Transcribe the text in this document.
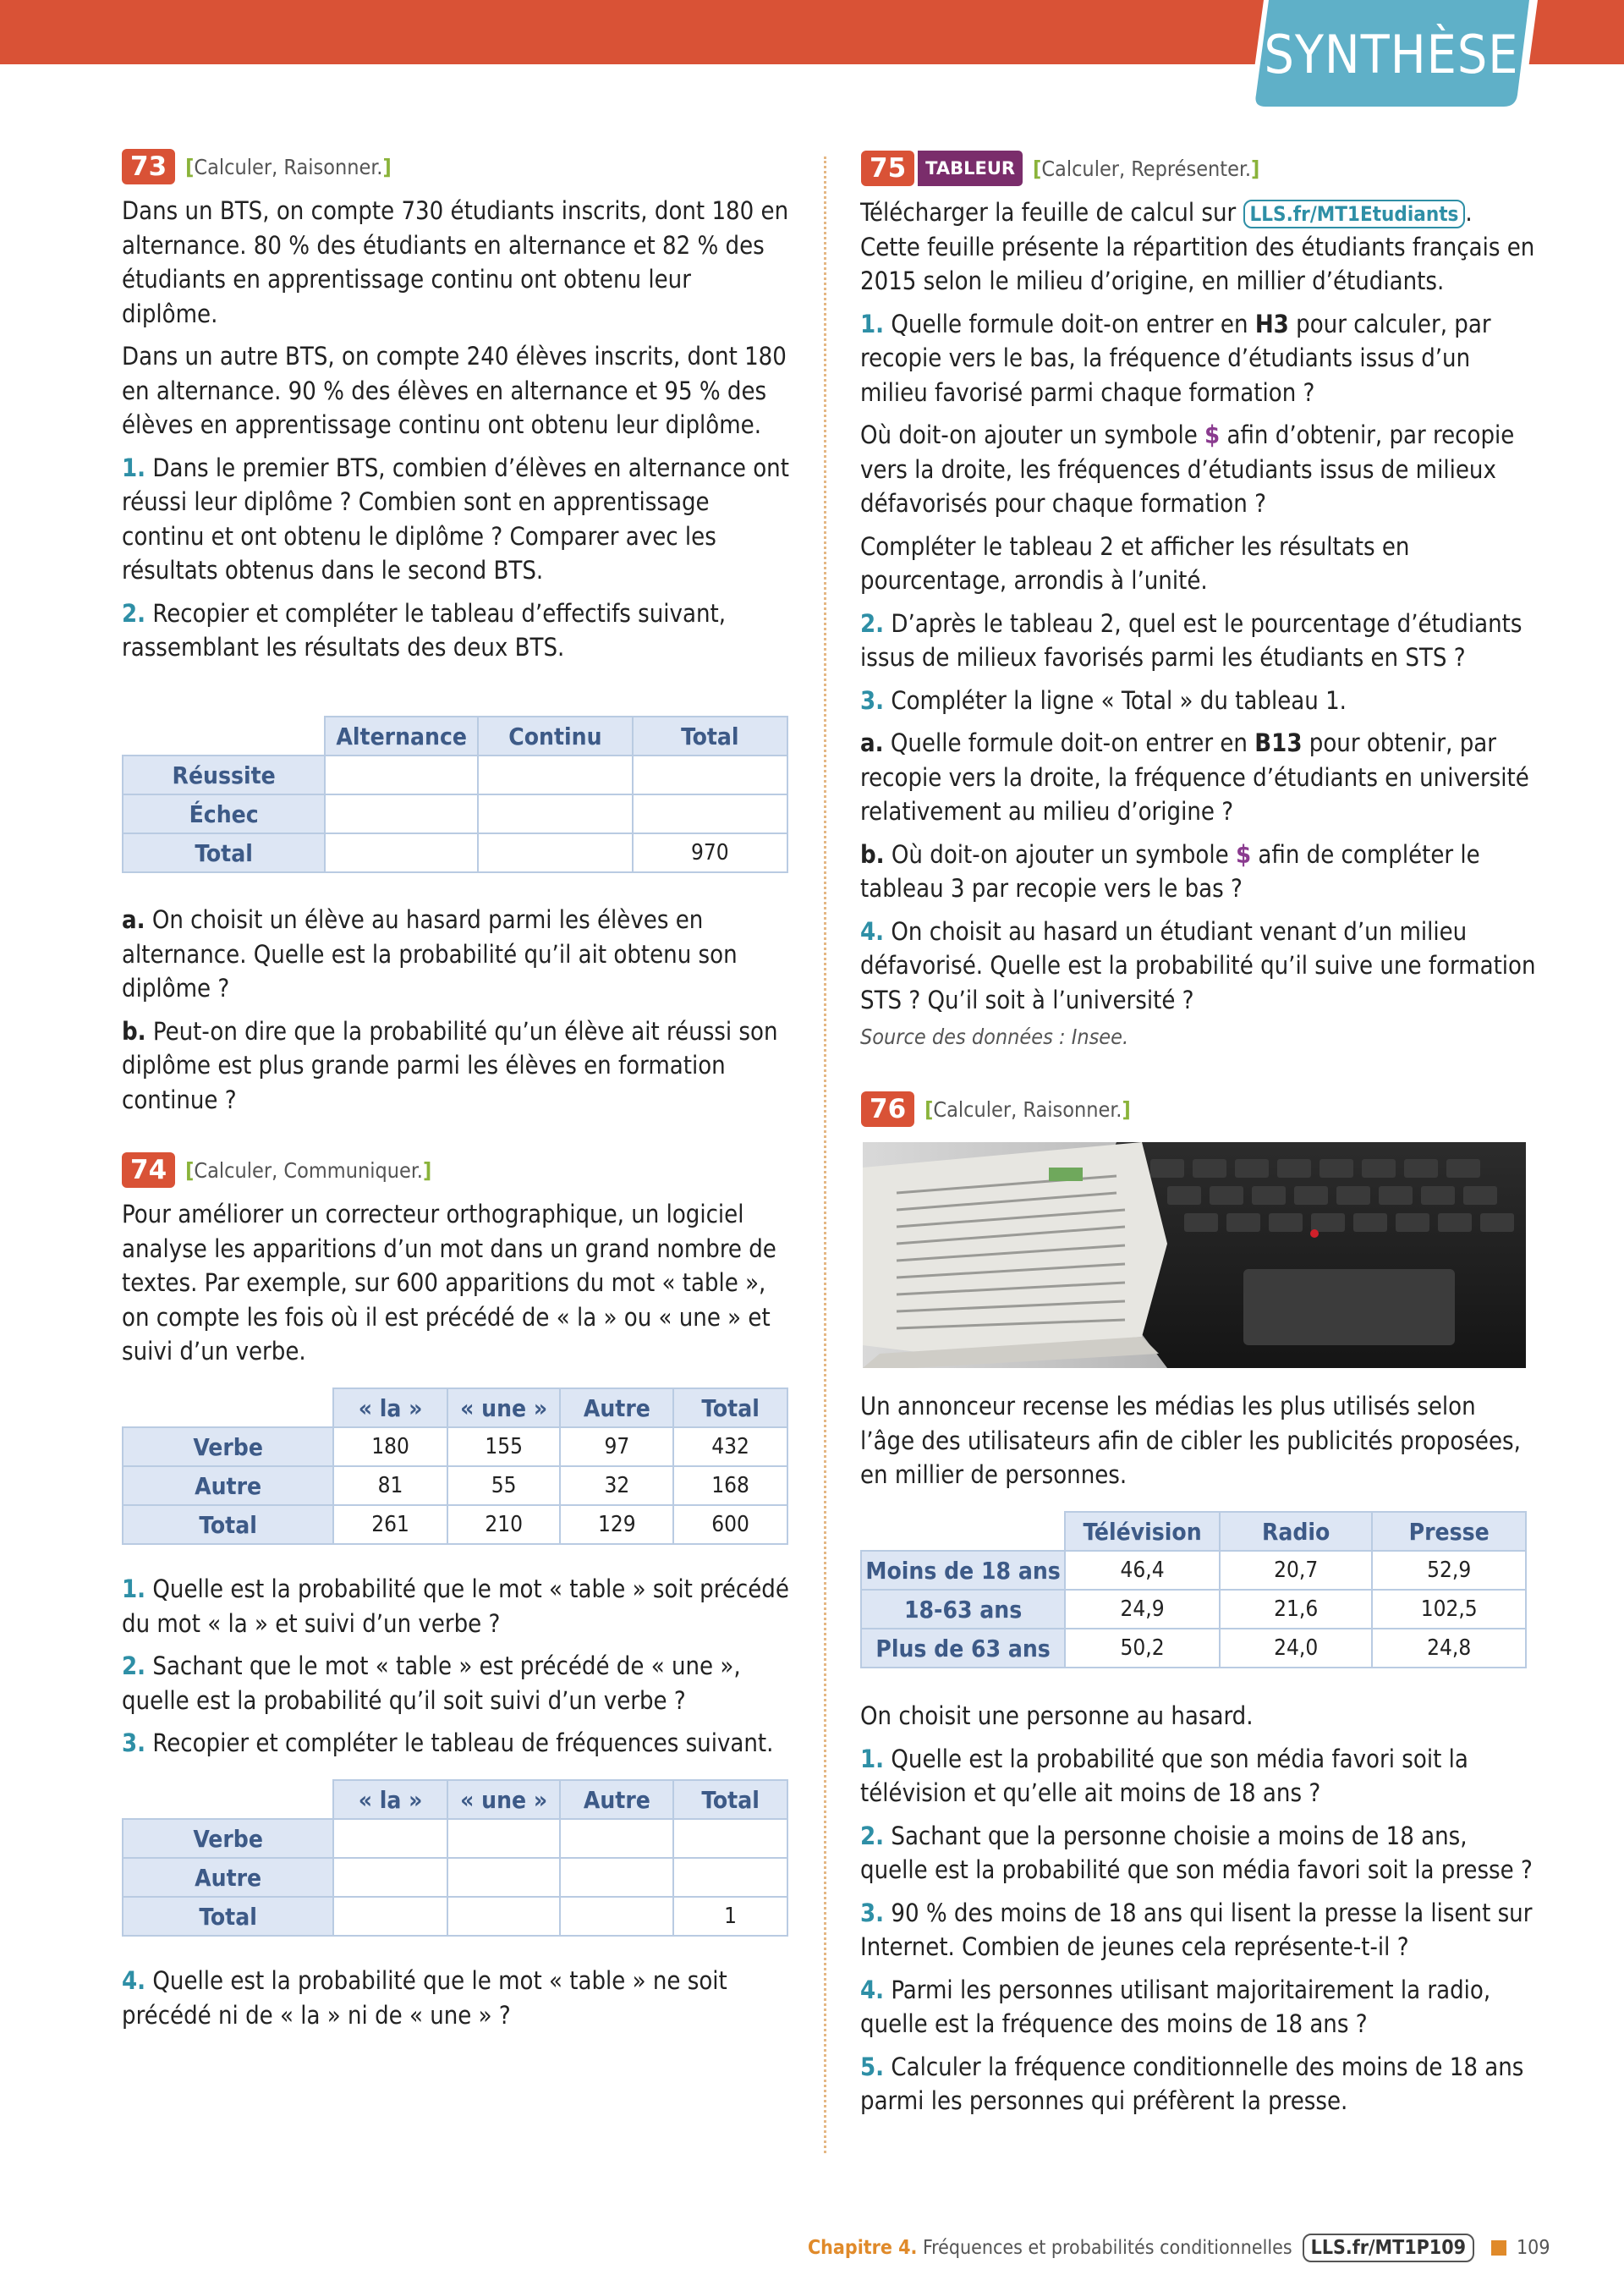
SYNTHÈSE
73 [Calculer, Raisonner.]

Dans un BTS, on compte 730 étudiants inscrits, dont 180 en alternance. 80 % des étudiants en alternance et 82 % des étudiants en apprentissage continu ont obtenu leur diplôme.

Dans un autre BTS, on compte 240 élèves inscrits, dont 180 en alternance. 90 % des élèves en alternance et 95 % des élèves en apprentissage continu ont obtenu leur diplôme.

1. Dans le premier BTS, combien d’élèves en alternance ont réussi leur diplôme ? Combien sont en apprentissage continu et ont obtenu le diplôme ? Comparer avec les résultats obtenus dans le second BTS.

2. Recopier et compléter le tableau d’effectifs suivant, rassemblant les résultats des deux BTS.

	Alternance	Continu	Total
Réussite			
Échec			
Total			970

a. On choisit un élève au hasard parmi les élèves en alternance. Quelle est la probabilité qu’il ait obtenu son diplôme ?

b. Peut-on dire que la probabilité qu’un élève ait réussi son diplôme est plus grande parmi les élèves en formation continue ?

74 [Calculer, Communiquer.]

Pour améliorer un correcteur orthographique, un logiciel analyse les apparitions d’un mot dans un grand nombre de textes. Par exemple, sur 600 apparitions du mot « table », on compte les fois où il est précédé de « la » ou « une » et suivi d’un verbe.

	« la »	« une »	Autre	Total
Verbe	180	155	97	432
Autre	81	55	32	168
Total	261	210	129	600

1. Quelle est la probabilité que le mot « table » soit précédé du mot « la » et suivi d’un verbe ?

2. Sachant que le mot « table » est précédé de « une », quelle est la probabilité qu’il soit suivi d’un verbe ?

3. Recopier et compléter le tableau de fréquences suivant.

	« la »	« une »	Autre	Total
Verbe				
Autre				
Total				1

4. Quelle est la probabilité que le mot « table » ne soit précédé ni de « la » ni de « une » ?

75	TABLEUR [Calculer, Représenter.]

Télécharger la feuille de calcul sur LLS.fr/MT1Etudiants . Cette feuille présente la répartition des étudiants français en 2015 selon le milieu d’origine, en millier d’étudiants.

1. Quelle formule doit-on entrer en H3 pour calculer, par recopie vers le bas, la fréquence d’étudiants issus d’un milieu favorisé parmi chaque formation ?

Où doit-on ajouter un symbole $ afin d’obtenir, par recopie vers la droite, les fréquences d’étudiants issus de milieux défavorisés pour chaque formation ?

Compléter le tableau 2 et afficher les résultats en pourcentage, arrondis à l’unité.

2. D’après le tableau 2, quel est le pourcentage d’étudiants issus de milieux favorisés parmi les étudiants en STS ?

3. Compléter la ligne « Total » du tableau 1.

a. Quelle formule doit-on entrer en B13 pour obtenir, par recopie vers la droite, la fréquence d’étudiants en université relativement au milieu d’origine ?

b. Où doit-on ajouter un symbole $ afin de compléter le tableau 3 par recopie vers le bas ?

4. On choisit au hasard un étudiant venant d’un milieu défavorisé. Quelle est la probabilité qu’il suive une formation STS ? Qu’il soit à l’université ?

Source des données : Insee.

76 [Calculer, Raisonner.]

Un annonceur recense les médias les plus utilisés selon l’âge des utilisateurs afin de cibler les publicités proposées, en millier de personnes.

	Télévision	Radio	Presse
Moins de 18 ans	46,4	20,7	52,9
18-63 ans	24,9	21,6	102,5
Plus de 63 ans	50,2	24,0	24,8

On choisit une personne au hasard.

1. Quelle est la probabilité que son média favori soit la télévision et qu’elle ait moins de 18 ans ?

2. Sachant que la personne choisie a moins de 18 ans, quelle est la probabilité que son média favori soit la presse ?

3. 90 % des moins de 18 ans qui lisent la presse la lisent sur Internet. Combien de jeunes cela représente-t-il ?

4. Parmi les personnes utilisant majoritairement la radio, quelle est la fréquence des moins de 18 ans ?

5. Calculer la fréquence conditionnelle des moins de 18 ans parmi les personnes qui préfèrent la presse.

Chapitre 4.
Fréquences et probabilités conditionnelles LLS.fr/MT1P109	109
